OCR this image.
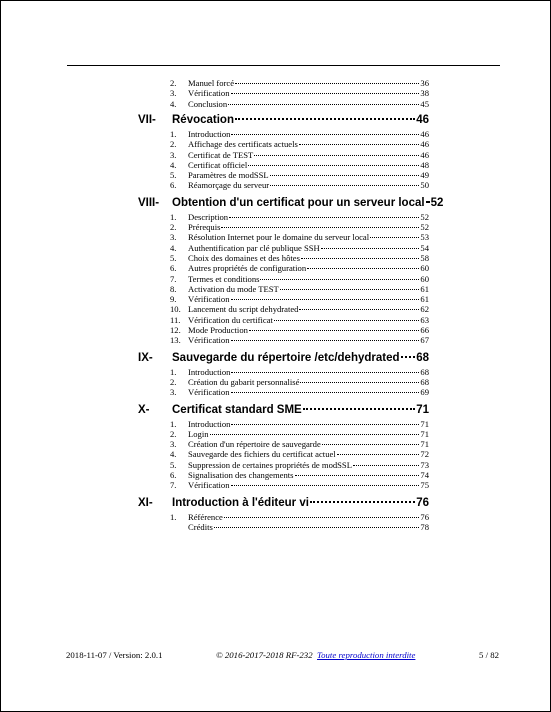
2. Manuel forcé	36
3. Vérification	38
4. Conclusion	45
VII- Révocation	46
1. Introduction	46
2. Affichage des certificats actuels	46
3. Certificat de TEST	46
4. Certificat officiel	48
5. Paramètres de modSSL	49
6. Réamorçage du serveur	50
VIII- Obtention d'un certificat pour un serveur local 52
1. Description	52
2. Prérequis	52
3. Résolution Internet pour le domaine du serveur local	53
4. Authentification par clé publique SSH	54
5. Choix des domaines et des hôtes	58
6. Autres propriétés de configuration	60
7. Termes et conditions	60
8. Activation du mode TEST	61
9. Vérification	61
10. Lancement du script dehydrated	62
11. Vérification du certificat	63
12. Mode Production	66
13. Vérification	67
IX- Sauvegarde du répertoire /etc/dehydrated 68
1. Introduction	68
2. Création du gabarit personnalisé	68
3. Vérification	69
X- Certificat standard SME	71
1. Introduction	71
2. Login	71
3. Création d'un répertoire de sauvegarde	71
4. Sauvegarde des fichiers du certificat actuel	72
5. Suppression de certaines propriétés de modSSL	73
6. Signalisation des changements	74
7. Vérification	75
XI- Introduction à l'éditeur vi	76
1. Référence	76
Crédits	78
2018-11-07 / Version: 2.0.1	© 2016-2017-2018 RF-232 Toute reproduction interdite	5 / 82
